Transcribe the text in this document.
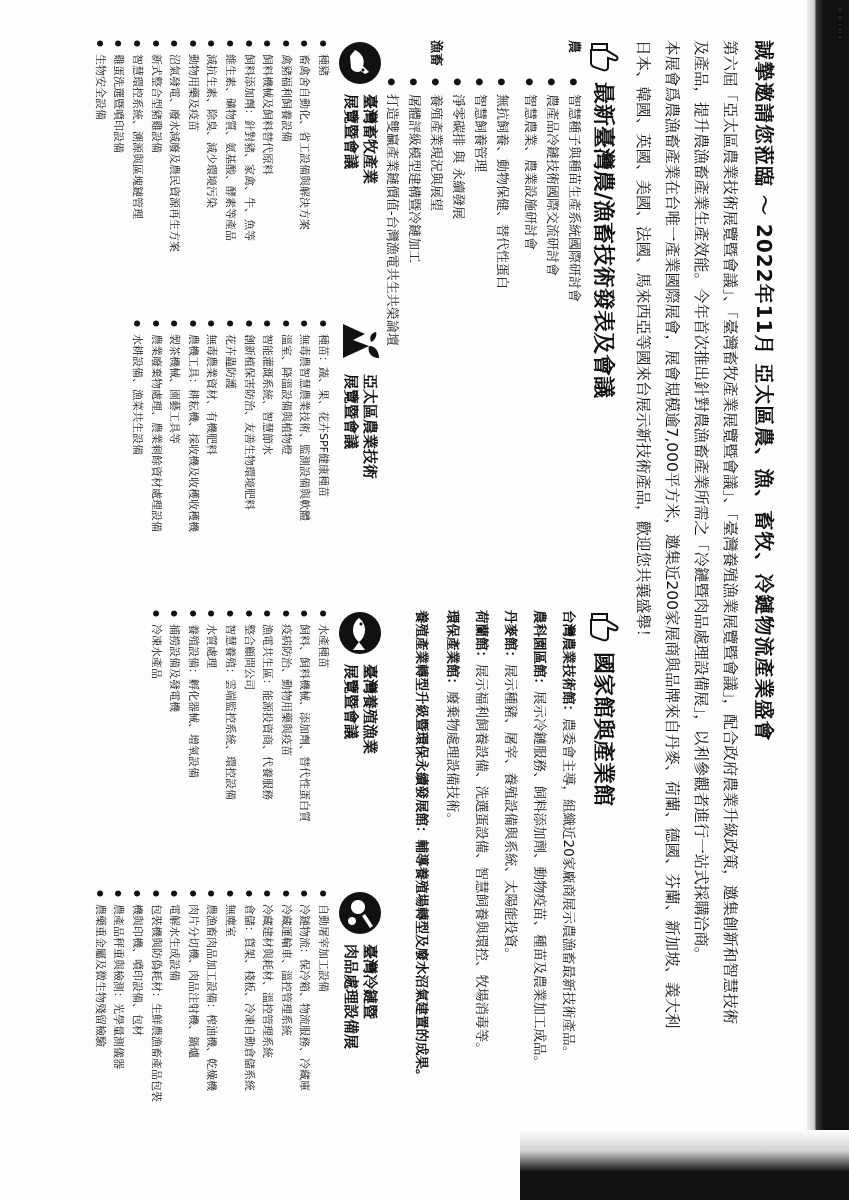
·· ·· · ·· ·
誠摯邀請您蒞臨 ～ 2022年11月 亞太區農、漁、畜牧、冷鏈物流產業盛會

第六屆「亞太區農業技術展覽暨會議」、「臺灣畜牧產業展覽暨會議」、「臺灣養殖漁業展覽暨會議」，配合政府農業升級政策，邀集創新和智慧技術

及產品，提升農漁畜產業生產效能。今年首次推出針對農漁畜產業所需之「冷鏈暨肉品處理設備展」，以利參觀者進行一站式採購洽商。

本展會爲農漁畜產業在台唯一產業國際展會，展會規模逾7,000平方米，邀集近200家展商與品牌來自丹麥、荷蘭、德國、芬蘭、新加坡、義大利

日本、韓國、英國、美國、法國、馬來西亞等國來台展示新技術產品，歡迎您共襄盛舉！

最新臺灣農/漁畜技術發表及會議
農
● 智慧種子與種苗生產系統國際研討會
● 農產品冷鏈技術國際交流研討會
● 智慧農業、農業設施研討會
● 無抗飼養、動物保健、替代性蛋白
● 智慧飼養管理
● 淨零碳排 與 永續發展
漁畜
● 養殖產業現況與展望
● 屠體評級模型建構暨冷鏈加工
● 打造雙贏產業鏈價值-台灣漁電共生共榮論壇
國家館與產業館
台灣農業技術館：農委會主導，組織近20家廠商展示農漁畜最新技術產品。
農科園區館：展示冷鏈服務、飼料添加劑、動物疫苗、種苗及農業加工成品。
丹麥館：展示種豬、屠宰、養殖設備與系統、太陽能投資。
荷蘭館：展示福利飼養設備、洗選蛋設備、智慧飼養與環控、牧場消毒等。
環保產業館：廢棄物處理設備技術。
養殖產業轉型升級暨環保永續發展館：輔導養殖場轉型及廢水沼氣建置的成果。
臺灣畜牧產業
展覽暨會議
● 種豬
● 畜禽舍自動化、省工設備與解決方案
● 禽豬福利飼養設備
● 飼料機械及飼料替代原料
● 飼料添加劑：針對豬、家禽、牛、魚等
● 維生素、礦物質、氨基酸、酵素等產品
● 減抗生素、除臭、減少環境污染
● 動物用藥及疫苗
● 沼氣發電、廢水減廢及農民資源再生方案
● 新式整合型豬雞設備
● 智慧環控系統、溯源與區塊鏈管理
● 雞蛋洗選暨噴印設備
● 生物安全設備
亞太區農業技術
展覽暨會議
● 種苗：蔬、果、花卉SPF健康種苗
● 無毒農智慧農業技術、監測設備與軟體
● 溫室、降溫設備與植物燈
● 智能灌溉系統、智慧節水
● 創新植保害防治、友善生物環境肥料
● 花卉蟲防護
● 無毒農業資材、有機肥料
● 農機工具：耕耘機、採收機及收穫收穫機
● 製茶機械、園藝工具等
● 農業廢棄物處理、農業剩餘資材處理設備
● 水耕設備、漁菜共生設備
臺灣養殖漁業
展覽暨會議
● 水產種苗
● 飼料、飼料機械、添加劑、替代性蛋白質
● 疫病防治、動物用藥與疫苗
● 漁電共生區：能源投資商、代養服務
● 整合顧問公司
● 智慧養殖：雲端監控系統、環控設備
● 水質處理
● 養殖設備：孵化器械、增氧設備
● 捕撈設備及發電機
● 冷凍水產品
臺灣冷鏈暨
肉品處理設備展
● 自動屠宰加工設備
● 冷鏈物流：保冷箱、物流服務、冷藏庫
● 冷藏運輸車、溫控管理系統
● 冷藏建材與耗材、溫控管理系統
● 倉儲：貨架、棧板、冷凍自動倉儲系統
● 無塵室
● 農漁畜肉品加工設備：榨油機、乾燥機
● 肉片分切機、肉品注射機、鍋爐
● 電解水生成設備
● 包裝機與防偽耗材：生鮮農漁畜產品包裝
● 機與印機、噴印設備、包材
● 農產品秤重與檢測：光學量測儀器
● 農藥重金屬及微生物殘留檢驗
